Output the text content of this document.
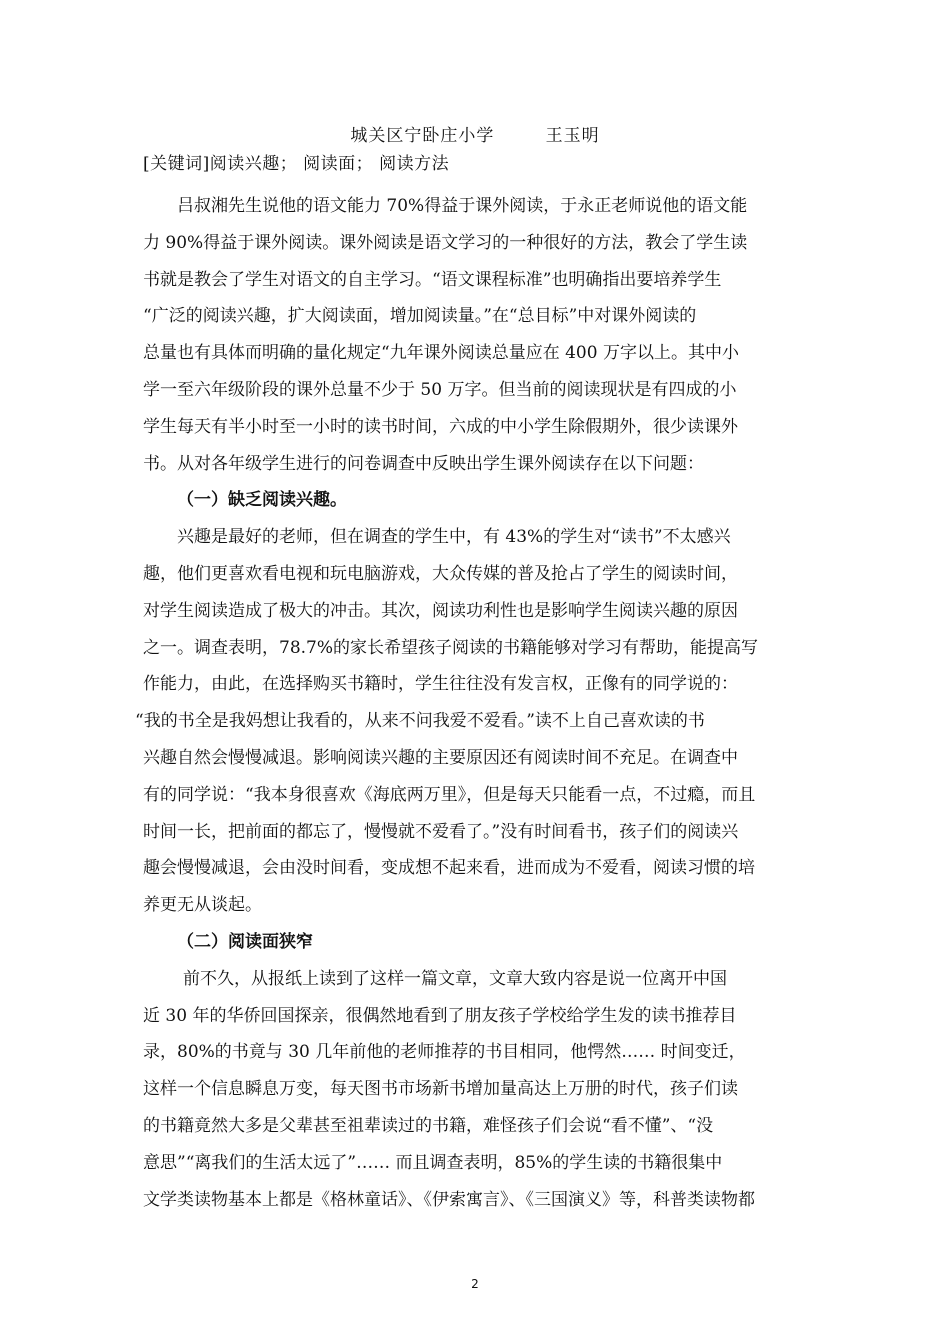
城关区宁卧庄小学        王玉明
[关键词]阅读兴趣； 阅读面； 阅读方法
吕叔湘先生说他的语文能力 70%得益于课外阅读，于永正老师说他的语文能
力 90%得益于课外阅读。课外阅读是语文学习的一种很好的方法，教会了学生读
书就是教会了学生对语文的自主学习。“语文课程标准”也明确指出要培养学生
“广泛的阅读兴趣，扩大阅读面，增加阅读量。”在“总目标”中对课外阅读的
总量也有具体而明确的量化规定“九年课外阅读总量应在 400 万字以上。其中小
学一至六年级阶段的课外总量不少于 50 万字。但当前的阅读现状是有四成的小
学生每天有半小时至一小时的读书时间，六成的中小学生除假期外，很少读课外
书。从对各年级学生进行的问卷调查中反映出学生课外阅读存在以下问题：
（一）缺乏阅读兴趣。
兴趣是最好的老师，但在调查的学生中，有 43%的学生对“读书”不太感兴
趣，他们更喜欢看电视和玩电脑游戏，大众传媒的普及抢占了学生的阅读时间，
对学生阅读造成了极大的冲击。其次，阅读功利性也是影响学生阅读兴趣的原因
之一。调查表明，78.7%的家长希望孩子阅读的书籍能够对学习有帮助，能提高写
作能力，由此，在选择购买书籍时，学生往往没有发言权，正像有的同学说的：
“我的书全是我妈想让我看的，从来不问我爱不爱看。”读不上自己喜欢读的书
兴趣自然会慢慢减退。影响阅读兴趣的主要原因还有阅读时间不充足。在调查中
有的同学说：“我本身很喜欢《海底两万里》，但是每天只能看一点，不过瘾，而且
时间一长，把前面的都忘了，慢慢就不爱看了。”没有时间看书，孩子们的阅读兴
趣会慢慢减退，会由没时间看，变成想不起来看，进而成为不爱看，阅读习惯的培
养更无从谈起。
（二）阅读面狭窄
前不久，从报纸上读到了这样一篇文章，文章大致内容是说一位离开中国
近 30 年的华侨回国探亲，很偶然地看到了朋友孩子学校给学生发的读书推荐目
录，80%的书竟与 30 几年前他的老师推荐的书目相同，他愕然…… 时间变迁，
这样一个信息瞬息万变，每天图书市场新书增加量高达上万册的时代，孩子们读
的书籍竟然大多是父辈甚至祖辈读过的书籍，难怪孩子们会说“看不懂”、“没
意思”“离我们的生活太远了”…… 而且调查表明，85%的学生读的书籍很集中
文学类读物基本上都是《格林童话》、《伊索寓言》、《三国演义》等，科普类读物都
2
